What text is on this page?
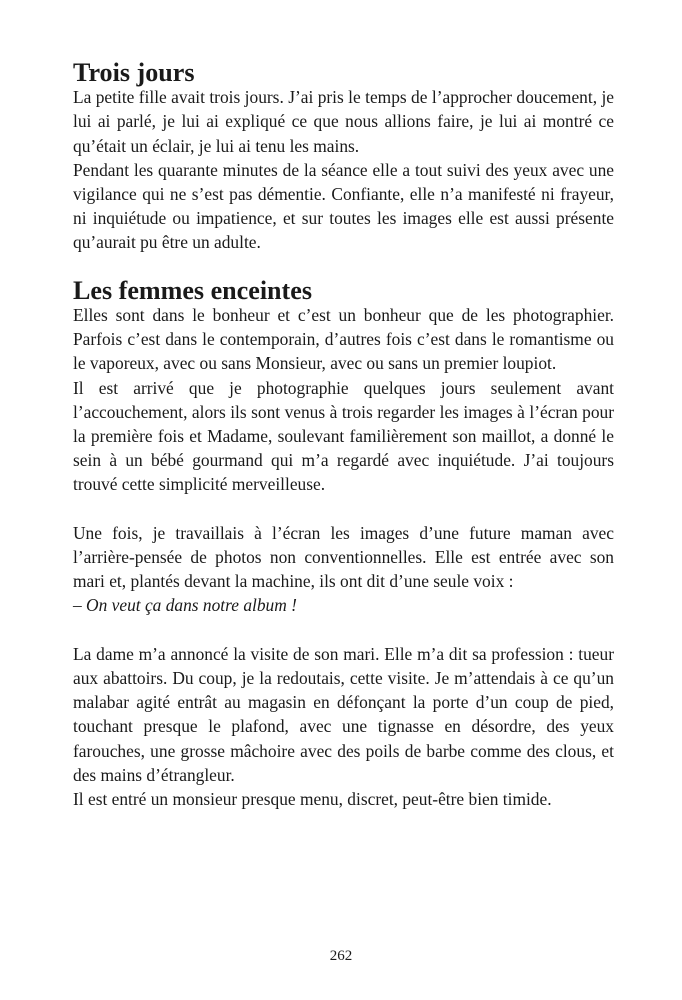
Trois jours

La petite fille avait trois jours. J’ai pris le temps de l’approcher doucement, je lui ai parlé, je lui ai expliqué ce que nous allions faire, je lui ai montré ce qu’était un éclair, je lui ai tenu les mains.

Pendant les quarante minutes de la séance elle a tout suivi des yeux avec une vigilance qui ne s’est pas démentie. Confiante, elle n’a manifesté ni frayeur, ni inquiétude ou impatience, et sur toutes les images elle est aussi présente qu’aurait pu être un adulte.

Les femmes enceintes

Elles sont dans le bonheur et c’est un bonheur que de les photographier. Parfois c’est dans le contemporain, d’autres fois c’est dans le romantisme ou le vaporeux, avec ou sans Monsieur, avec ou sans un premier loupiot.

Il est arrivé que je photographie quelques jours seulement avant l’accouchement, alors ils sont venus à trois regarder les images à l’écran pour la première fois et Madame, soulevant familièrement son maillot, a donné le sein à un bébé gourmand qui m’a regardé avec inquiétude. J’ai toujours trouvé cette simplicité merveilleuse.

Une fois, je travaillais à l’écran les images d’une future maman avec l’arrière-pensée de photos non conventionnelles. Elle est entrée avec son mari et, plantés devant la machine, ils ont dit d’une seule voix :

– On veut ça dans notre album !

La dame m’a annoncé la visite de son mari. Elle m’a dit sa profession : tueur aux abattoirs. Du coup, je la redoutais, cette visite. Je m’attendais à ce qu’un malabar agité entrât au magasin en défonçant la porte d’un coup de pied, touchant presque le plafond, avec une tignasse en désordre, des yeux farouches, une grosse mâchoire avec des poils de barbe comme des clous, et des mains d’étrangleur.

Il est entré un monsieur presque menu, discret, peut-être bien timide.

262
